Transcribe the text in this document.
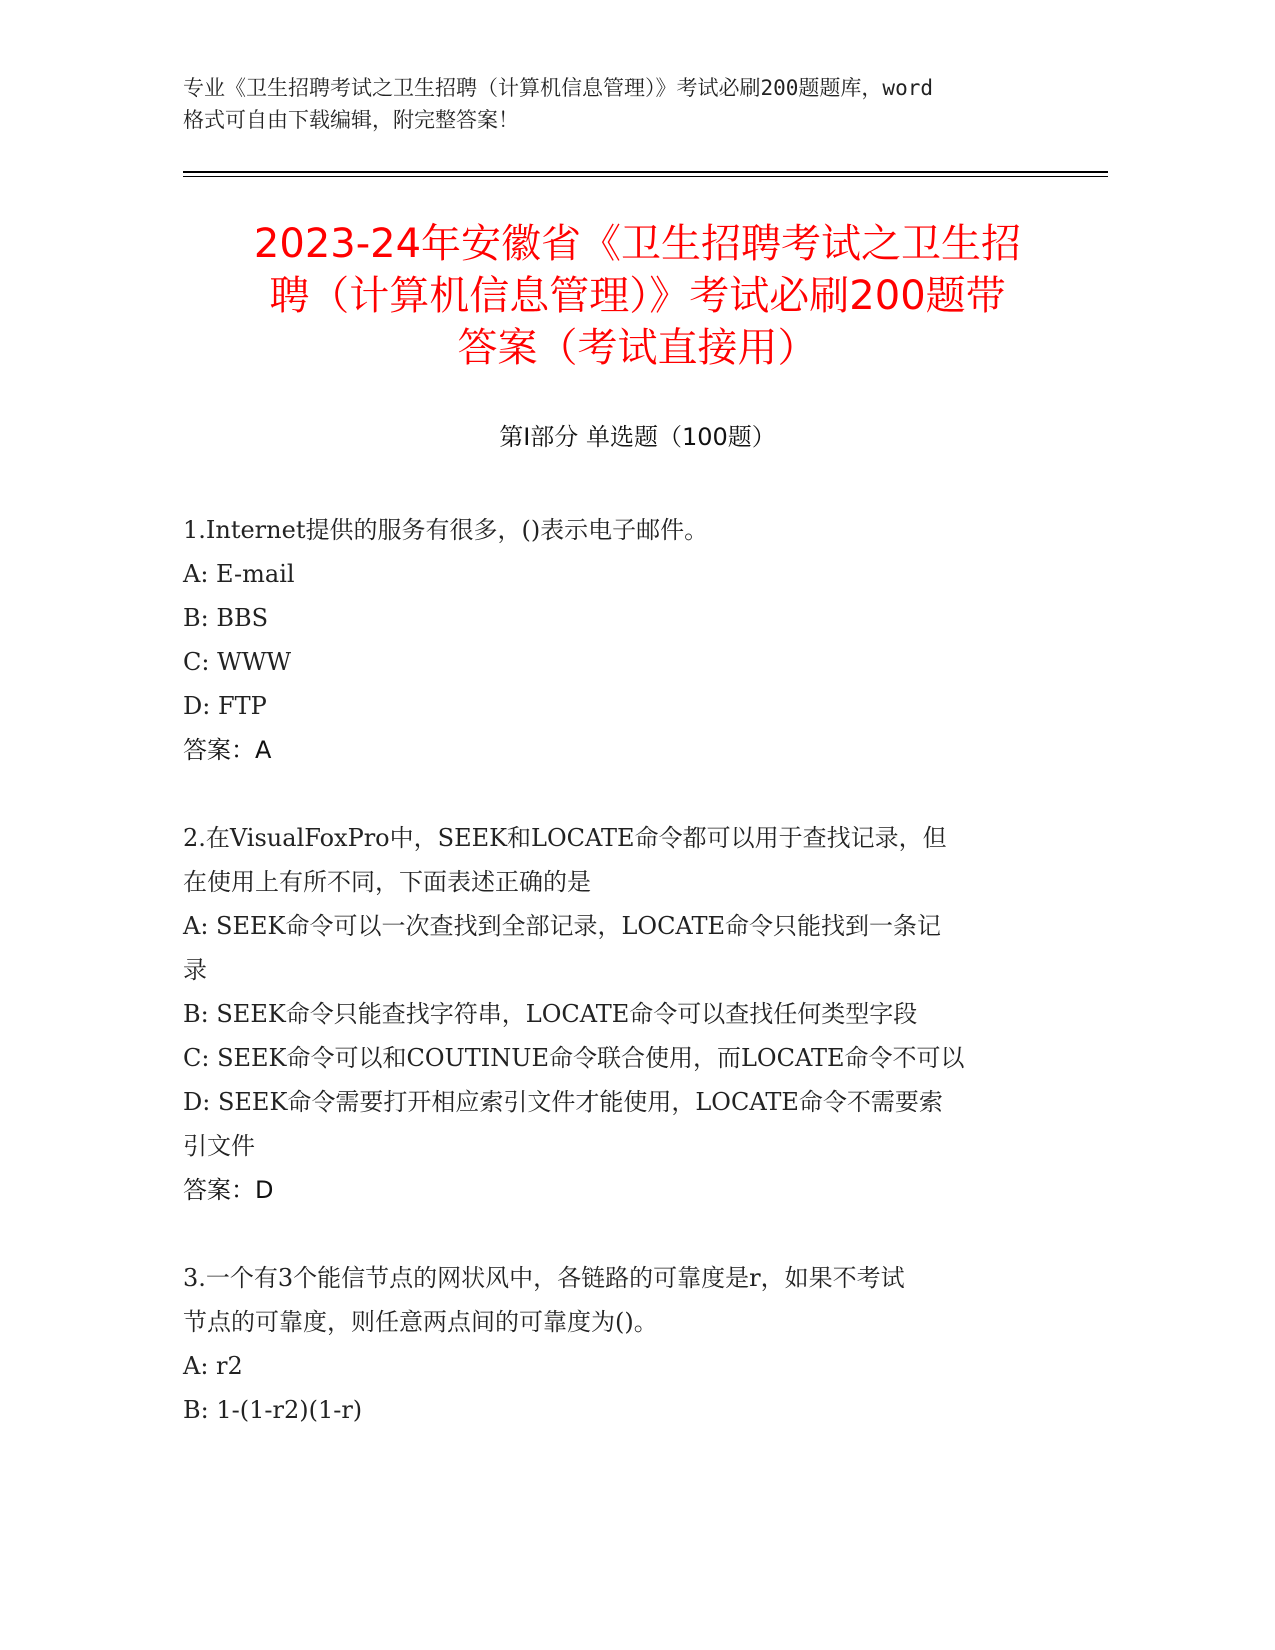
专业《卫生招聘考试之卫生招聘（计算机信息管理）》考试必刷200题题库，word

格式可自由下载编辑，附完整答案！

2023-24年安徽省《卫生招聘考试之卫生招

聘（计算机信息管理）》考试必刷200题带

答案（考试直接用）

第Ⅰ部分 单选题（100题）

1.Internet提供的服务有很多，()表示电子邮件。

A: E-mail

B: BBS

C: WWW

D: FTP

答案：A

2.在VisualFoxPro中，SEEK和LOCATE命令都可以用于查找记录，但

在使用上有所不同，下面表述正确的是

A: SEEK命令可以一次查找到全部记录，LOCATE命令只能找到一条记

录

B: SEEK命令只能查找字符串，LOCATE命令可以查找任何类型字段

C: SEEK命令可以和COUTINUE命令联合使用，而LOCATE命令不可以

D: SEEK命令需要打开相应索引文件才能使用，LOCATE命令不需要索

引文件

答案：D

3.一个有3个能信节点的网状风中，各链路的可靠度是r，如果不考试

节点的可靠度，则任意两点间的可靠度为()。

A: r2

B: 1-(1-r2)(1-r)
